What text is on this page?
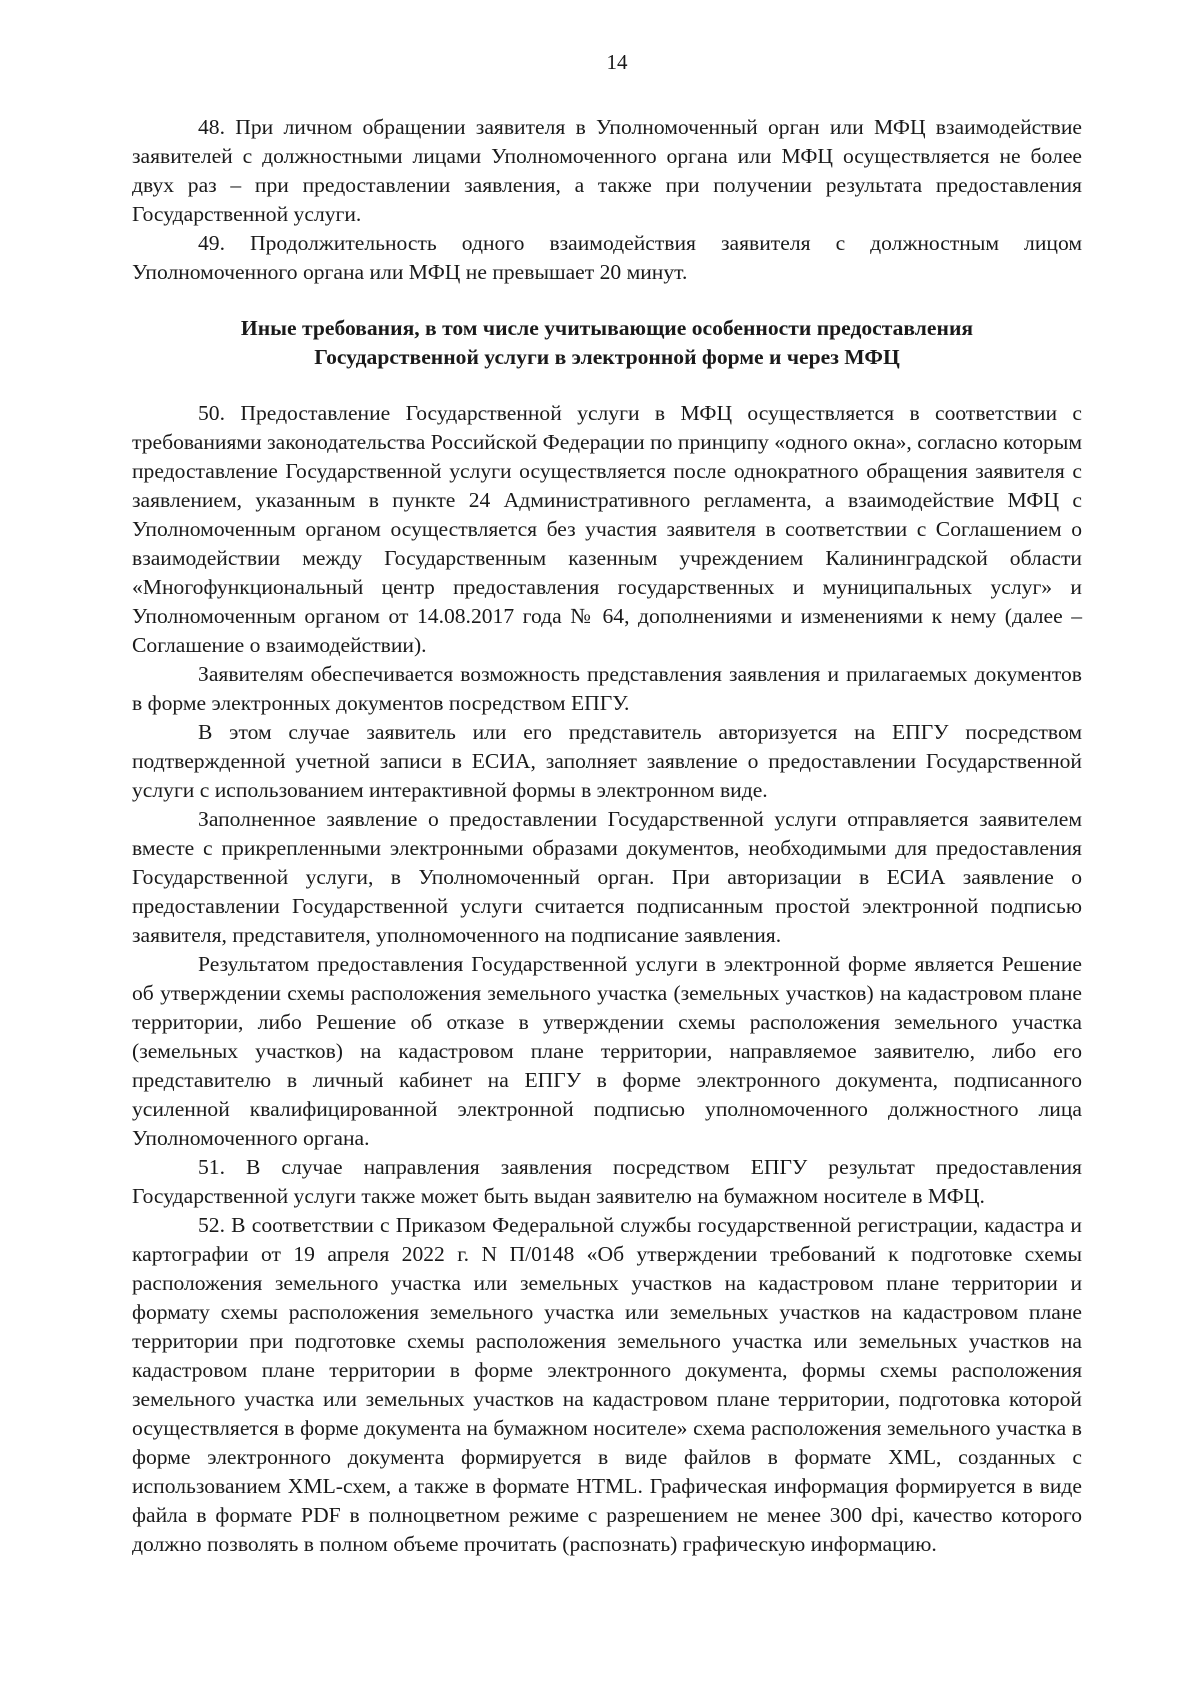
14

48. При личном обращении заявителя в Уполномоченный орган или МФЦ взаимодействие заявителей с должностными лицами Уполномоченного органа или МФЦ осуществляется не более двух раз – при предоставлении заявления, а также при получении результата предоставления Государственной услуги.

49. Продолжительность одного взаимодействия заявителя с должностным лицом Уполномоченного органа или МФЦ не превышает 20 минут.

Иные требования, в том числе учитывающие особенности предоставления
Государственной услуги в электронной форме и через МФЦ

50. Предоставление Государственной услуги в МФЦ осуществляется в соответствии с требованиями законодательства Российской Федерации по принципу «одного окна», согласно которым предоставление Государственной услуги осуществляется после однократного обращения заявителя с заявлением, указанным в пункте 24 Административного регламента, а взаимодействие МФЦ с Уполномоченным органом осуществляется без участия заявителя в соответствии с Соглашением о взаимодействии между Государственным казенным учреждением Калининградской области «Многофункциональный центр предоставления государственных и муниципальных услуг» и Уполномоченным органом от 14.08.2017 года № 64, дополнениями и изменениями к нему (далее – Соглашение о взаимодействии).

Заявителям обеспечивается возможность представления заявления и прилагаемых документов в форме электронных документов посредством ЕПГУ.

В этом случае заявитель или его представитель авторизуется на ЕПГУ посредством подтвержденной учетной записи в ЕСИА, заполняет заявление о предоставлении Государственной услуги с использованием интерактивной формы в электронном виде.

Заполненное заявление о предоставлении Государственной услуги отправляется заявителем вместе с прикрепленными электронными образами документов, необходимыми для предоставления Государственной услуги, в Уполномоченный орган. При авторизации в ЕСИА заявление о предоставлении Государственной услуги считается подписанным простой электронной подписью заявителя, представителя, уполномоченного на подписание заявления.

Результатом предоставления Государственной услуги в электронной форме является Решение об утверждении схемы расположения земельного участка (земельных участков) на кадастровом плане территории, либо Решение об отказе в утверждении схемы расположения земельного участка (земельных участков) на кадастровом плане территории, направляемое заявителю, либо его представителю в личный кабинет на ЕПГУ в форме электронного документа, подписанного усиленной квалифицированной электронной подписью уполномоченного должностного лица Уполномоченного органа.

51. В случае направления заявления посредством ЕПГУ результат предоставления Государственной услуги также может быть выдан заявителю на бумажном носителе в МФЦ.

52. В соответствии с Приказом Федеральной службы государственной регистрации, кадастра и картографии от 19 апреля 2022 г. N П/0148 «Об утверждении требований к подготовке схемы расположения земельного участка или земельных участков на кадастровом плане территории и формату схемы расположения земельного участка или земельных участков на кадастровом плане территории при подготовке схемы расположения земельного участка или земельных участков на кадастровом плане территории в форме электронного документа, формы схемы расположения земельного участка или земельных участков на кадастровом плане территории, подготовка которой осуществляется в форме документа на бумажном носителе» схема расположения земельного участка в форме электронного документа формируется в виде файлов в формате XML, созданных с использованием XML-схем, а также в формате HTML. Графическая информация формируется в виде файла в формате PDF в полноцветном режиме с разрешением не менее 300 dpi, качество которого должно позволять в полном объеме прочитать (распознать) графическую информацию.
